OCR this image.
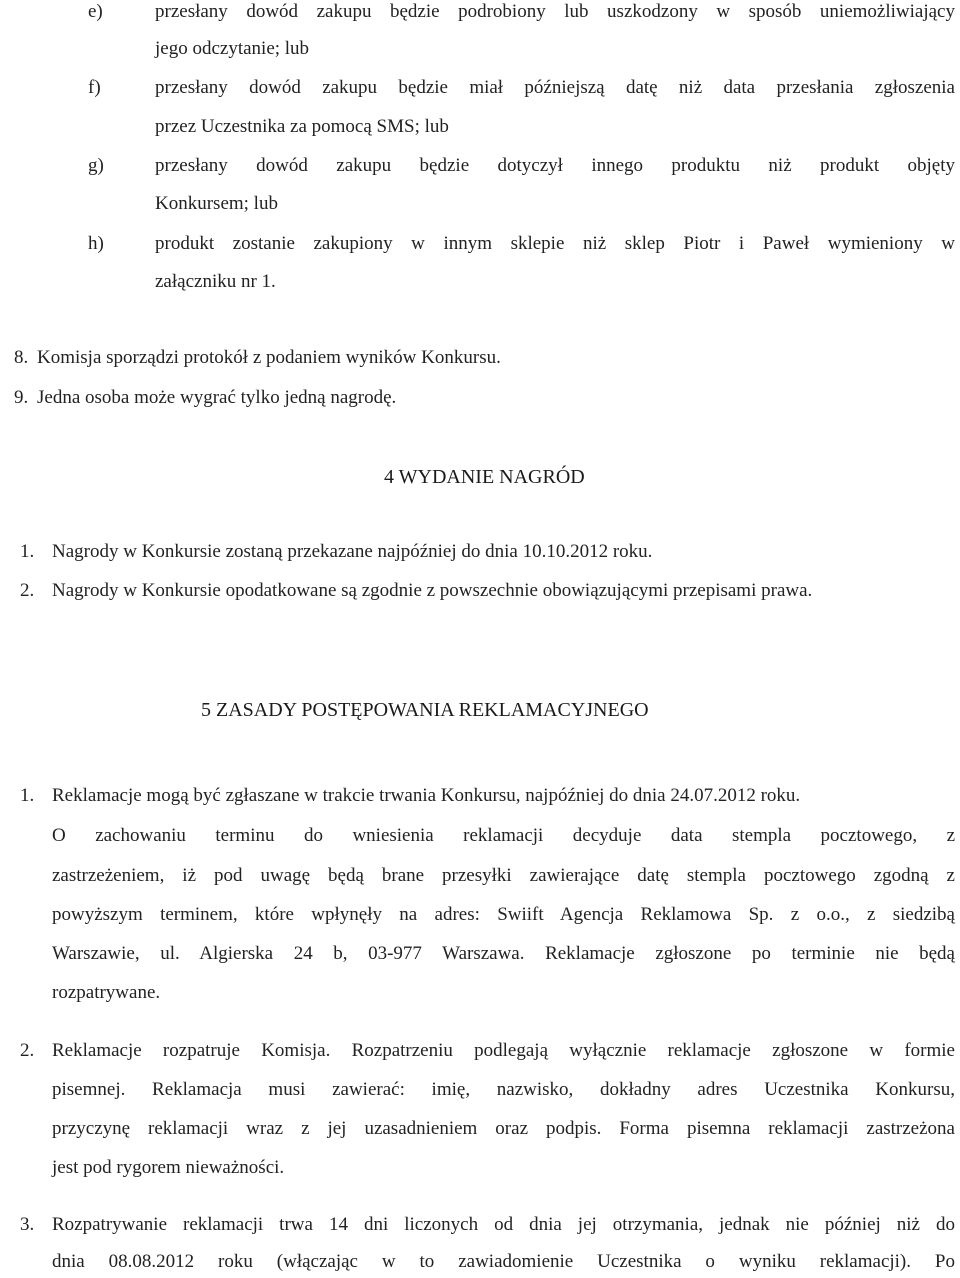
e)	przesłany dowód zakupu będzie podrobiony lub uszkodzony w sposób uniemożliwiający
jego odczytanie; lub
f)	przesłany dowód zakupu będzie miał późniejszą datę niż data przesłania zgłoszenia
przez Uczestnika za pomocą SMS; lub
g)	przesłany dowód zakupu będzie dotyczył innego produktu niż produkt objęty
Konkursem; lub
h)	produkt zostanie zakupiony w innym sklepie niż sklep Piotr i Paweł wymieniony w
załączniku nr 1.
8. Komisja sporządzi protokół z podaniem wyników Konkursu.
9. Jedna osoba może wygrać tylko jedną nagrodę.
4 WYDANIE NAGRÓD
1. Nagrody w Konkursie zostaną przekazane najpóźniej do dnia 10.10.2012 roku.
2. Nagrody w Konkursie opodatkowane są zgodnie z powszechnie obowiązującymi przepisami prawa.
5 ZASADY POSTĘPOWANIA REKLAMACYJNEGO
1. Reklamacje mogą być zgłaszane w trakcie trwania Konkursu, najpóźniej do dnia 24.07.2012 roku.
O zachowaniu terminu do wniesienia reklamacji decyduje data stempla pocztowego, z
zastrzeżeniem, iż pod uwagę będą brane przesyłki zawierające datę stempla pocztowego zgodną z
powyższym terminem, które wpłynęły na adres: Swiift Agencja Reklamowa Sp. z o.o., z siedzibą
Warszawie, ul. Algierska 24 b, 03-977 Warszawa. Reklamacje zgłoszone po terminie nie będą
rozpatrywane.
2. Reklamacje rozpatruje Komisja. Rozpatrzeniu podlegają wyłącznie reklamacje zgłoszone w formie
pisemnej. Reklamacja musi zawierać: imię, nazwisko, dokładny adres Uczestnika Konkursu,
przyczynę reklamacji wraz z jej uzasadnieniem oraz podpis. Forma pisemna reklamacji zastrzeżona
jest pod rygorem nieważności.
3. Rozpatrywanie reklamacji trwa 14 dni liczonych od dnia jej otrzymania, jednak nie później niż do
dnia 08.08.2012 roku (włączając w to zawiadomienie Uczestnika o wyniku reklamacji). Po
